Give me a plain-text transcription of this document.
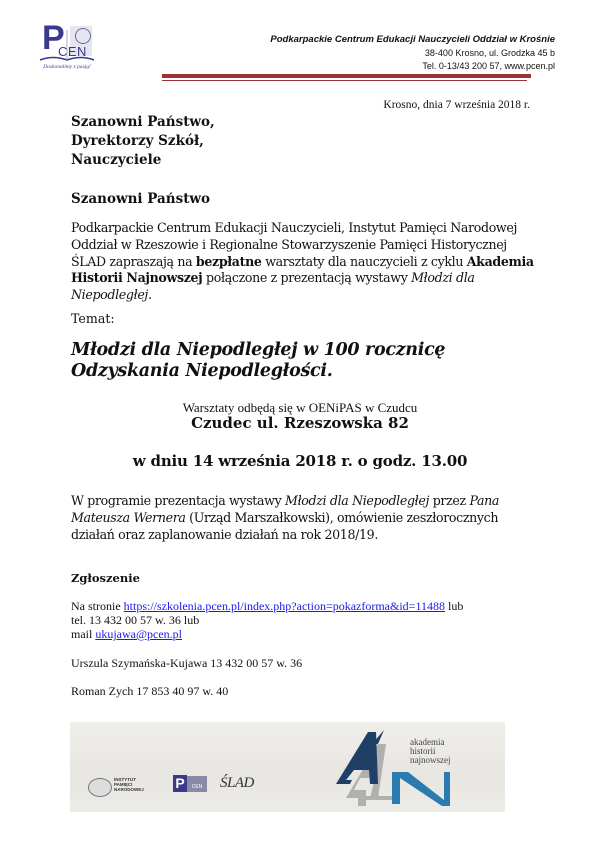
P
CEN
Doskonalimy z pasją!
Podkarpackie Centrum Edukacji Nauczycieli Oddział w Krośnie
38-400 Krosno, ul. Grodzka 45 b
Tel. 0-13/43 200 57, www.pcen.pl
Krosno, dnia 7 września 2018 r.
Szanowni Państwo,
Dyrektorzy Szkół,
Nauczyciele
Szanowni Państwo
Podkarpackie Centrum Edukacji Nauczycieli, Instytut Pamięci Narodowej Oddział w Rzeszowie i Regionalne Stowarzyszenie Pamięci Historycznej ŚLAD zapraszają na bezpłatne warsztaty dla nauczycieli z cyklu Akademia Historii Najnowszej połączone z prezentacją wystawy Młodzi dla Niepodległej.
Temat:
Młodzi dla Niepodległej w 100 rocznicę
Odzyskania Niepodległości.
Warsztaty odbędą się w OENiPAS w Czudcu
Czudec ul. Rzeszowska 82
w dniu 14 września 2018 r. o godz. 13.00
W programie prezentacja wystawy Młodzi dla Niepodległej przez Pana Mateusza Wernera (Urząd Marszałkowski), omówienie zeszłorocznych działań oraz zaplanowanie działań na rok 2018/19.
Zgłoszenie
Na stronie https://szkolenia.pcen.pl/index.php?action=pokazforma&id=11488 lub
tel. 13 432 00 57 w. 36 lub
mail ukujawa@pcen.pl
Urszula Szymańska-Kujawa 13 432 00 57 w. 36
Roman Zych 17 853 40 97 w. 40
INSTYTUT
PAMIĘCI
NARODOWEJ P	CEN	ŚLAD
akademia
historii
najnowszej
